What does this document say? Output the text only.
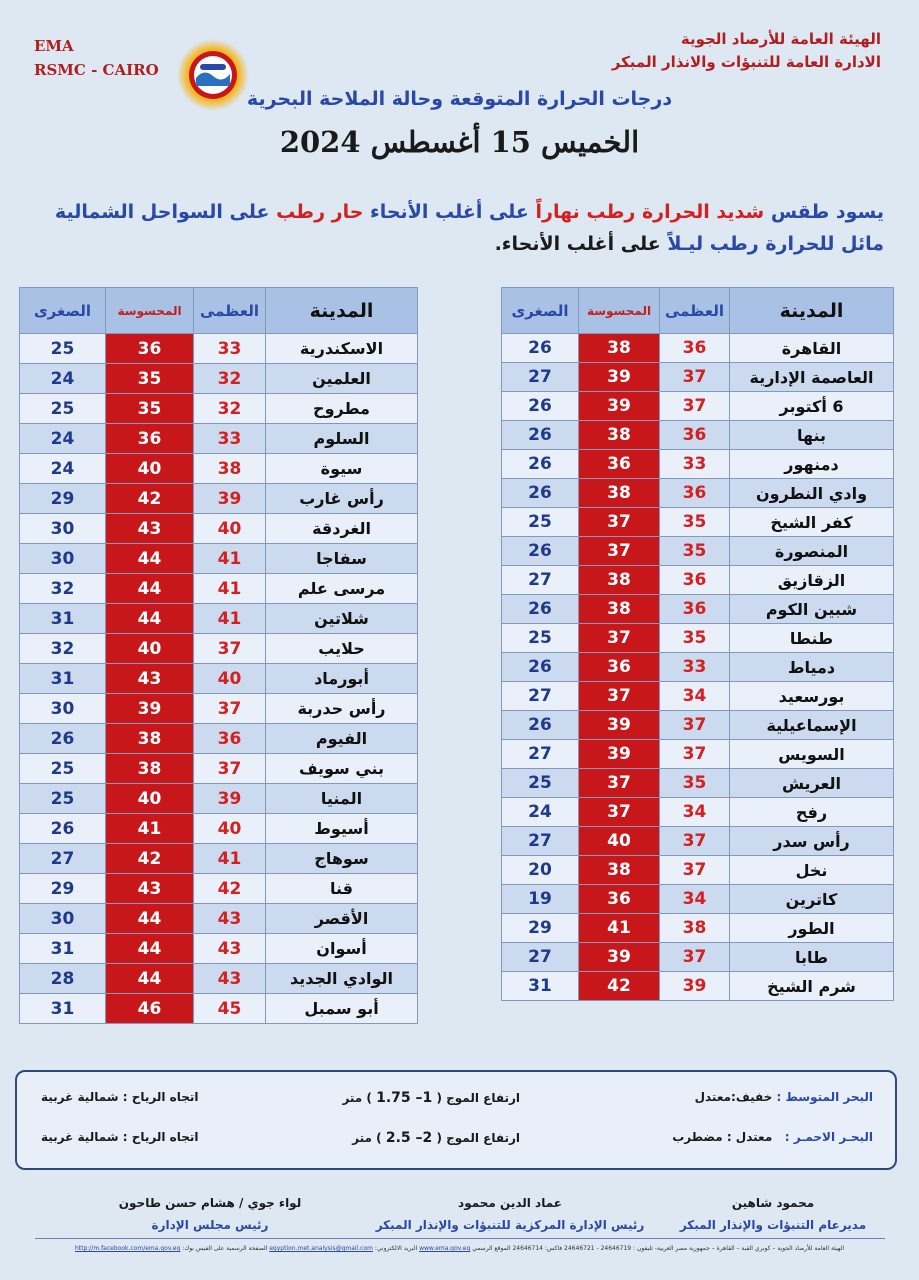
الهيئة العامة للأرصاد الجوية
الادارة العامة للتنبؤات والانذار المبكر
EMA
RSMC - CAIRO
درجات الحرارة المتوقعة وحالة الملاحة البحرية
الخميس 15 أغسطس 2024
يسود طقس شديد الحرارة رطب نهاراً على أغلب الأنحاء حار رطب على السواحل الشمالية
مائل للحرارة رطب ليـلاً على أغلب الأنحاء.
المدينة	العظمى	المحسوسة	الصغرى
القاهرة	36	38	26
العاصمة الإدارية	37	39	27
6 أكتوبر	37	39	26
بنها	36	38	26
دمنهور	33	36	26
وادي النطرون	36	38	26
كفر الشيخ	35	37	25
المنصورة	35	37	26
الزقازيق	36	38	27
شبين الكوم	36	38	26
طنطا	35	37	25
دمياط	33	36	26
بورسعيد	34	37	27
الإسماعيلية	37	39	26
السويس	37	39	27
العريش	35	37	25
رفح	34	37	24
رأس سدر	37	40	27
نخل	37	38	20
كاترين	34	36	19
الطور	38	41	29
طابا	37	39	27
شرم الشيخ	39	42	31
المدينة	العظمى	المحسوسة	الصغرى
الاسكندرية	33	36	25
العلمين	32	35	24
مطروح	32	35	25
السلوم	33	36	24
سيوة	38	40	24
رأس غارب	39	42	29
الغردقة	40	43	30
سفاجا	41	44	30
مرسى علم	41	44	32
شلاتين	41	44	31
حلايب	37	40	32
أبورماد	40	43	31
رأس حدربة	37	39	30
الفيوم	36	38	26
بني سويف	37	38	25
المنيا	39	40	25
أسيوط	40	41	26
سوهاج	41	42	27
قنا	42	43	29
الأقصر	43	44	30
أسوان	43	44	31
الوادي الجديد	43	44	28
أبو سمبل	45	46	31
البحر المتوسط : خفيف:معتدل
ارتفاع الموج ( 1– 1.75 ) متر
اتجاه الرياح : شمالية غربية
البحـر الاحمـر :   معتدل : مضطرب
ارتفاع الموج ( 2– 2.5 ) متر
اتجاه الرياح : شمالية غربية
محمود شاهين
مديرعام التنبؤات والإنذار المبكر
عماد الدين محمود
رئيس الإدارة المركزية للتنبؤات والإنذار المبكر
لواء جوي / هشام حسن طاحون
رئيس مجلس الإدارة
الهيئة العامة للأرصاد الجوية – كوبري القبة – القاهرة – جمهورية مصر العربية- تليفون : 24646719 - 24646721 فاكس: 24646714 الموقع الرسمي www.ema.gov.eg البريد الالكتروني: egyption.met.analysis@gmail.com الصفحة الرسمية على الفيس بوك: http://m.facebook.com/ema.gov.eg
